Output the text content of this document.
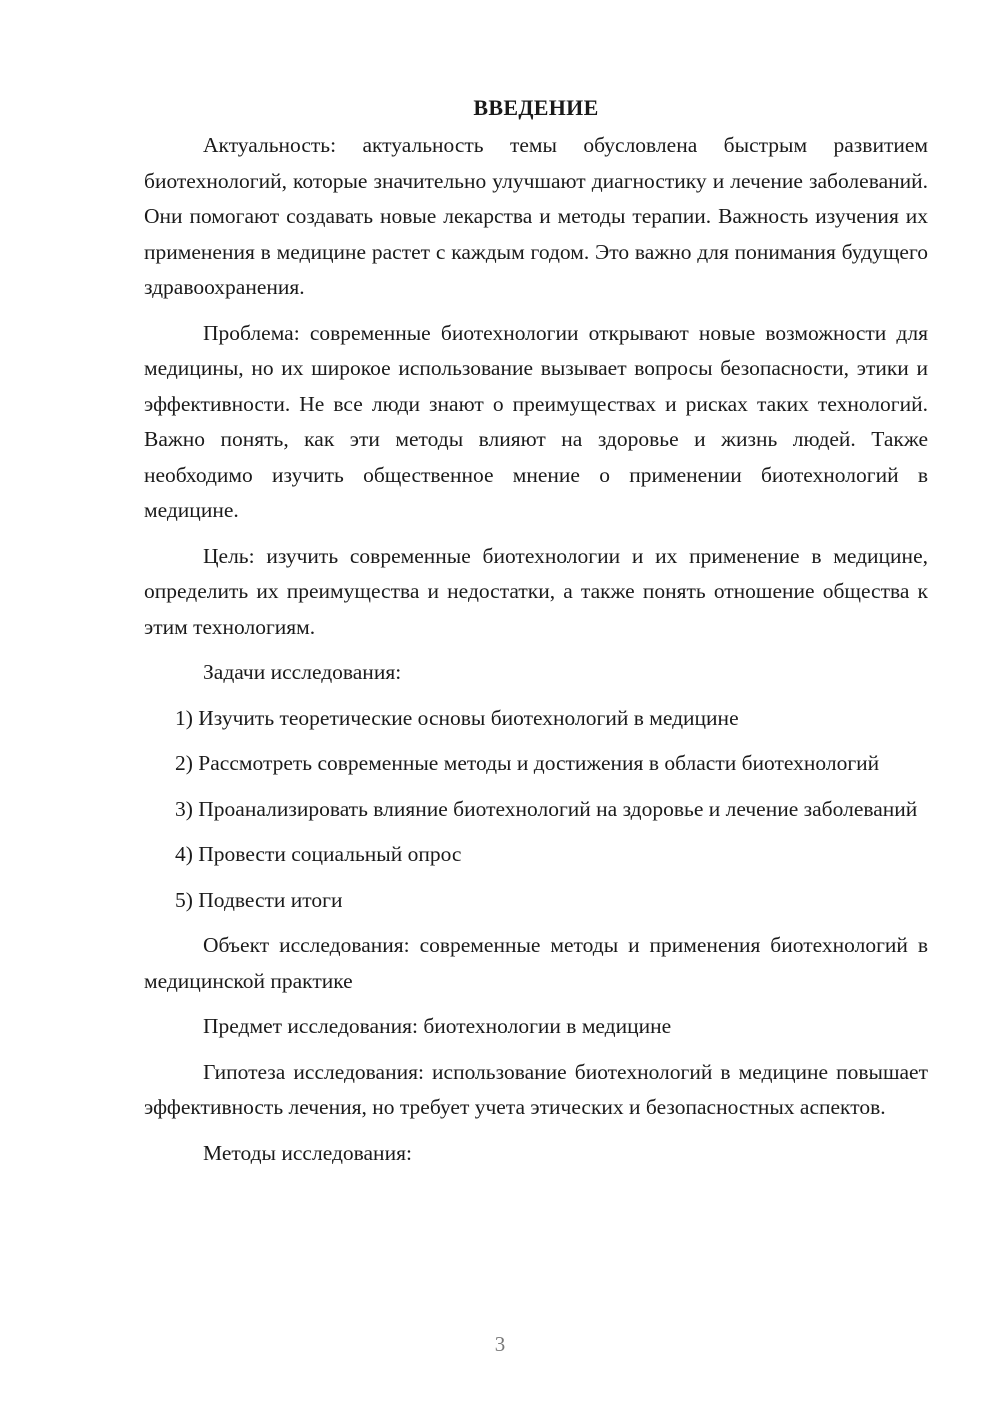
ВВЕДЕНИЕ

Актуальность: актуальность темы обусловлена быстрым развитием биотехнологий, которые значительно улучшают диагностику и лечение заболеваний. Они помогают создавать новые лекарства и методы терапии. Важность изучения их применения в медицине растет с каждым годом. Это важно для понимания будущего здравоохранения.

Проблема: современные биотехнологии открывают новые возможности для медицины, но их широкое использование вызывает вопросы безопасности, этики и эффективности. Не все люди знают о преимуществах и рисках таких технологий. Важно понять, как эти методы влияют на здоровье и жизнь людей. Также необходимо изучить общественное мнение о применении биотехнологий в медицине.

Цель: изучить современные биотехнологии и их применение в медицине, определить их преимущества и недостатки, а также понять отношение общества к этим технологиям.

Задачи исследования:

1) Изучить теоретические основы биотехнологий в медицине

2) Рассмотреть современные методы и достижения в области биотехнологий

3) Проанализировать влияние биотехнологий на здоровье и лечение заболеваний

4) Провести социальный опрос

5) Подвести итоги

Объект исследования: современные методы и применения биотехнологий в медицинской практике

Предмет исследования: биотехнологии в медицине

Гипотеза исследования: использование биотехнологий в медицине повышает эффективность лечения, но требует учета этических и безопасностных аспектов.

Методы исследования:

3
